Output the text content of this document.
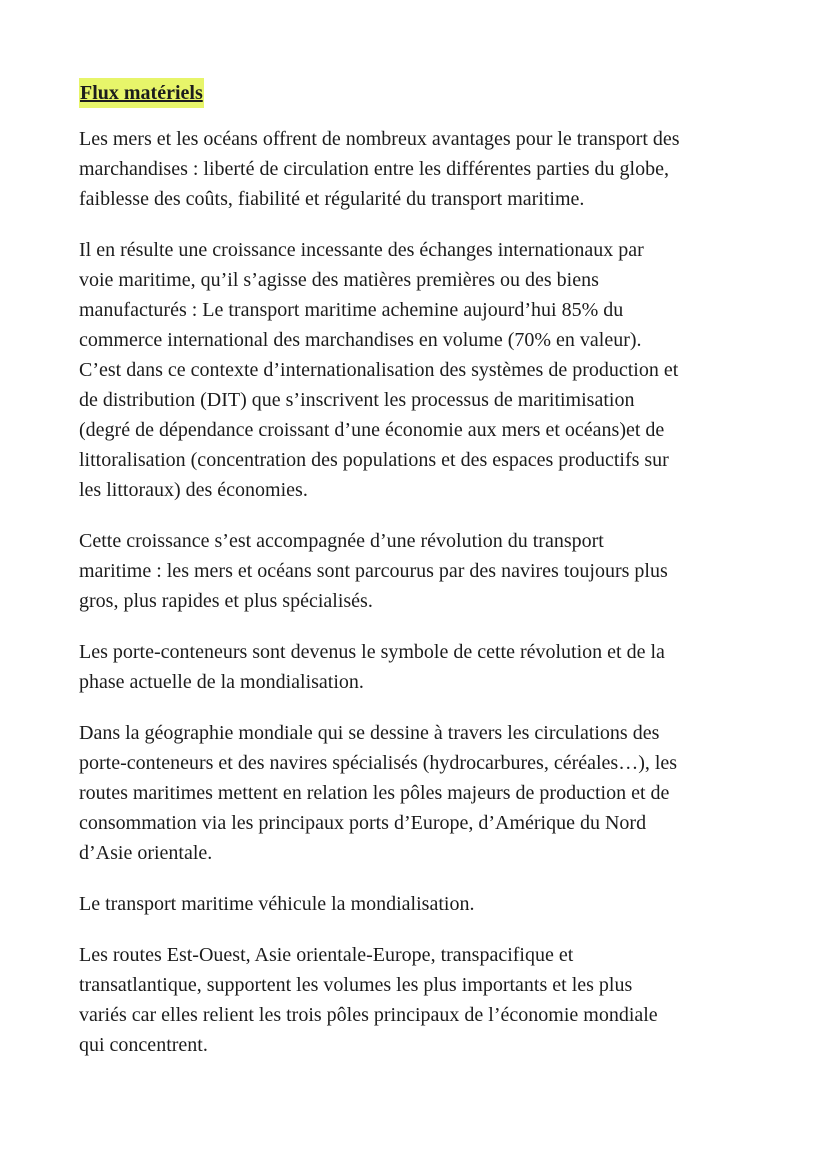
Flux matériels

Les mers et les océans offrent de nombreux avantages pour le transport des
marchandises : liberté de circulation entre les différentes parties du globe,
faiblesse des coûts, fiabilité et régularité du transport maritime.

Il en résulte une croissance incessante des échanges internationaux par
voie maritime, qu’il s’agisse des matières premières ou des biens
manufacturés : Le transport maritime achemine aujourd’hui 85% du
commerce international des marchandises en volume (70% en valeur).
C’est dans ce contexte d’internationalisation des systèmes de production et
de distribution (DIT) que s’inscrivent les processus de maritimisation
(degré de dépendance croissant d’une économie aux mers et océans)et de
littoralisation (concentration des populations et des espaces productifs sur
les littoraux) des économies.

Cette croissance s’est accompagnée d’une révolution du transport
maritime : les mers et océans sont parcourus par des navires toujours plus
gros, plus rapides et plus spécialisés.

Les porte-conteneurs sont devenus le symbole de cette révolution et de la
phase actuelle de la mondialisation.

Dans la géographie mondiale qui se dessine à travers les circulations des
porte-conteneurs et des navires spécialisés (hydrocarbures, céréales…), les
routes maritimes mettent en relation les pôles majeurs de production et de
consommation via les principaux ports d’Europe, d’Amérique du Nord
d’Asie orientale.

Le transport maritime véhicule la mondialisation.

Les routes Est-Ouest, Asie orientale-Europe, transpacifique et
transatlantique, supportent les volumes les plus importants et les plus
variés car elles relient les trois pôles principaux de l’économie mondiale
qui concentrent.
